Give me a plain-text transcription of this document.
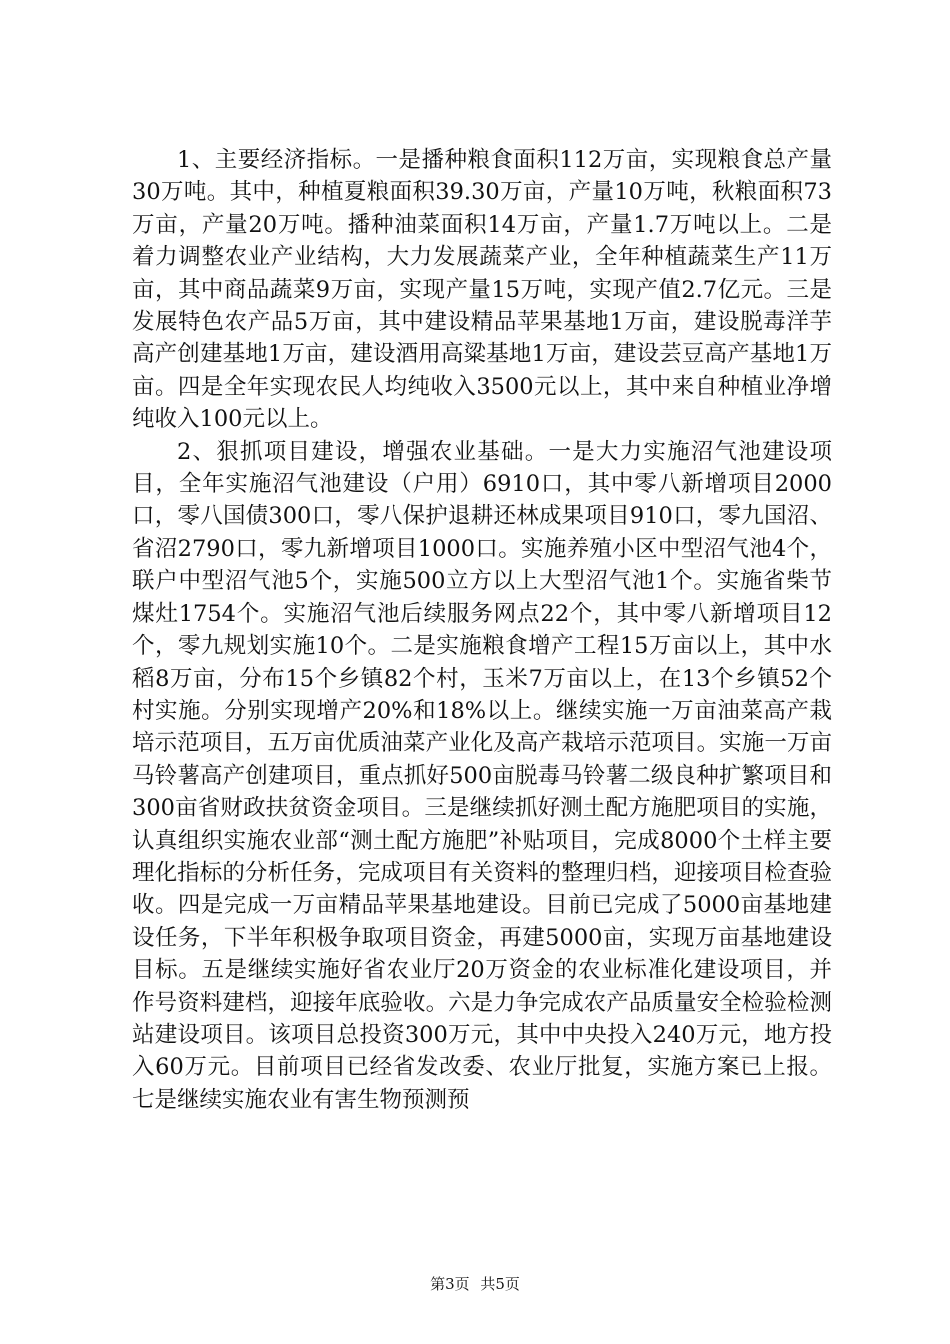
1、主要经济指标。一是播种粮食面积112万亩，实现粮食总产量30万吨。其中，种植夏粮面积39.30万亩，产量10万吨，秋粮面积73万亩，产量20万吨。播种油菜面积14万亩，产量1.7万吨以上。二是着力调整农业产业结构，大力发展蔬菜产业，全年种植蔬菜生产11万亩，其中商品蔬菜9万亩，实现产量15万吨，实现产值2.7亿元。三是发展特色农产品5万亩，其中建设精品苹果基地1万亩，建设脱毒洋芋高产创建基地1万亩，建设酒用高粱基地1万亩，建设芸豆高产基地1万亩。四是全年实现农民人均纯收入3500元以上，其中来自种植业净增纯收入100元以上。

2、狠抓项目建设，增强农业基础。一是大力实施沼气池建设项目，全年实施沼气池建设（户用）6910口，其中零八新增项目2000口，零八国债300口，零八保护退耕还林成果项目910口，零九国沼、省沼2790口，零九新增项目1000口。实施养殖小区中型沼气池4个，联户中型沼气池5个，实施500立方以上大型沼气池1个。实施省柴节煤灶1754个。实施沼气池后续服务网点22个，其中零八新增项目12个，零九规划实施10个。二是实施粮食增产工程15万亩以上，其中水稻8万亩，分布15个乡镇82个村，玉米7万亩以上，在13个乡镇52个村实施。分别实现增产20%和18%以上。继续实施一万亩油菜高产栽培示范项目，五万亩优质油菜产业化及高产栽培示范项目。实施一万亩马铃薯高产创建项目，重点抓好500亩脱毒马铃薯二级良种扩繁项目和300亩省财政扶贫资金项目。三是继续抓好测土配方施肥项目的实施，认真组织实施农业部“测土配方施肥”补贴项目，完成8000个土样主要理化指标的分析任务，完成项目有关资料的整理归档，迎接项目检查验收。四是完成一万亩精品苹果基地建设。目前已完成了5000亩基地建设任务，下半年积极争取项目资金，再建5000亩，实现万亩基地建设目标。五是继续实施好省农业厅20万资金的农业标准化建设项目，并作号资料建档，迎接年底验收。六是力争完成农产品质量安全检验检测站建设项目。该项目总投资300万元，其中中央投入240万元，地方投入60万元。目前项目已经省发改委、农业厅批复，实施方案已上报。七是继续实施农业有害生物预测预

第3页 共5页
